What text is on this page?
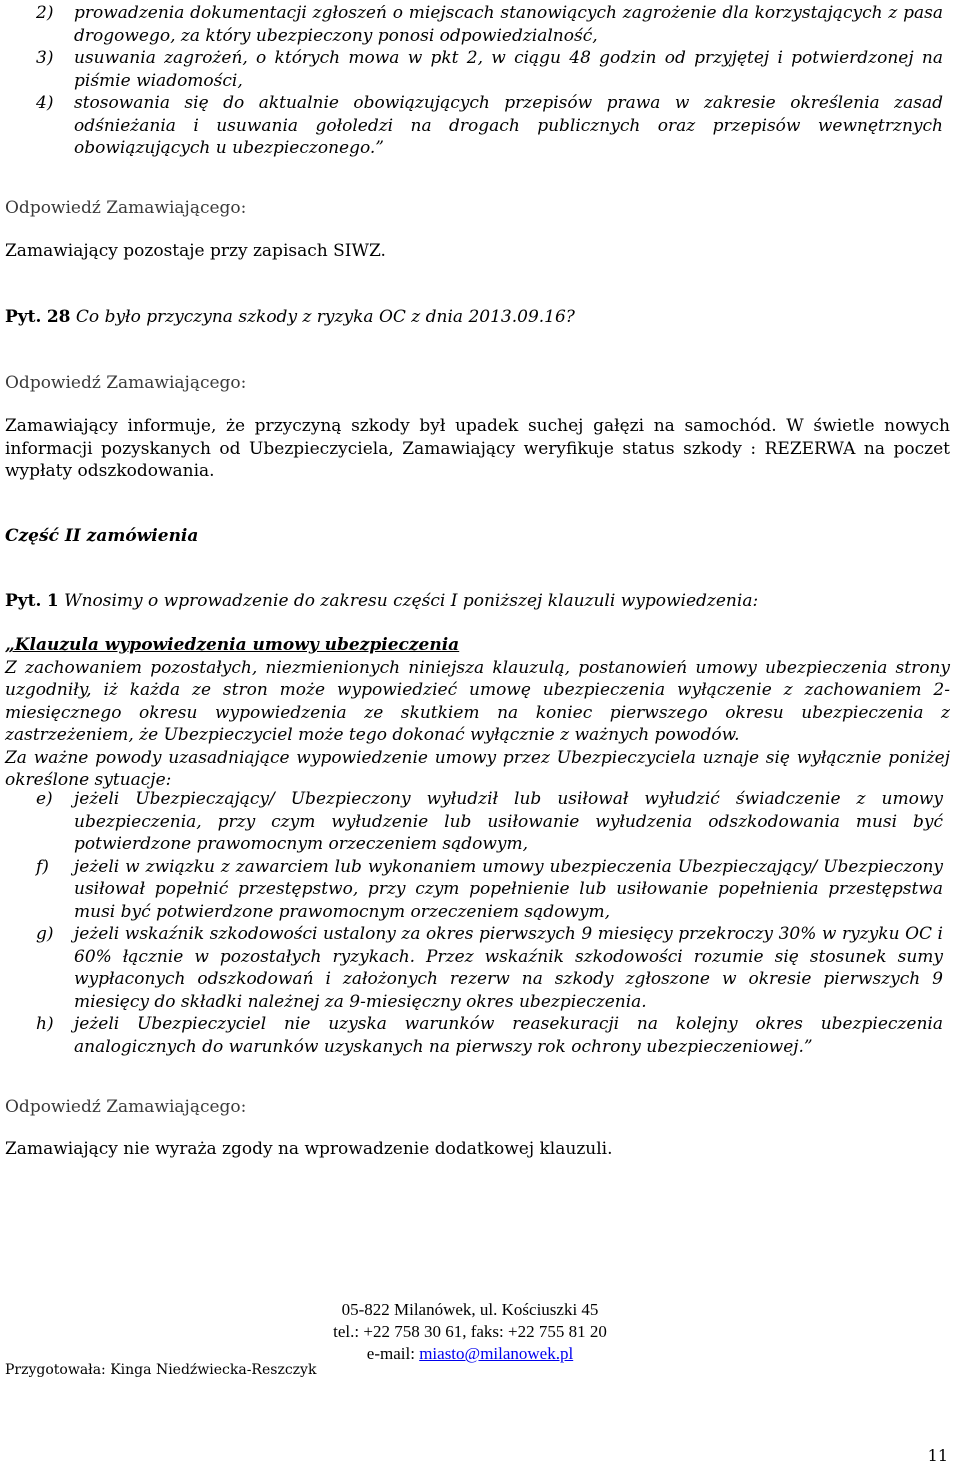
2) prowadzenia dokumentacji zgłoszeń o miejscach stanowiących zagrożenie dla korzystających z pasa drogowego, za który ubezpieczony ponosi odpowiedzialność,

3) usuwania zagrożeń, o których mowa w pkt 2, w ciągu 48 godzin od przyjętej i potwierdzonej na piśmie wiadomości,

4) stosowania się do aktualnie obowiązujących przepisów prawa w zakresie określenia zasad odśnieżania i usuwania gołoledzi na drogach publicznych oraz przepisów wewnętrznych obowiązujących u ubezpieczonego.”

Odpowiedź Zamawiającego:

Zamawiający pozostaje przy zapisach SIWZ.

Pyt. 28 Co było przyczyna szkody z ryzyka OC z dnia 2013.09.16?

Odpowiedź Zamawiającego:

Zamawiający informuje, że przyczyną szkody był upadek suchej gałęzi na samochód. W świetle nowych informacji pozyskanych od Ubezpieczyciela, Zamawiający weryfikuje status szkody : REZERWA na poczet wypłaty odszkodowania.

Część II zamówienia

Pyt. 1 Wnosimy o wprowadzenie do zakresu części I poniższej klauzuli wypowiedzenia:

„Klauzula wypowiedzenia umowy ubezpieczenia
Z zachowaniem pozostałych, niezmienionych niniejsza klauzulą, postanowień umowy ubezpieczenia strony uzgodniły, iż każda ze stron może wypowiedzieć umowę ubezpieczenia wyłączenie z zachowaniem 2-miesięcznego okresu wypowiedzenia ze skutkiem na koniec pierwszego okresu ubezpieczenia z zastrzeżeniem, że Ubezpieczyciel może tego dokonać wyłącznie z ważnych powodów.
Za ważne powody uzasadniające wypowiedzenie umowy przez Ubezpieczyciela uznaje się wyłącznie poniżej określone sytuacje:

e) jeżeli Ubezpieczający/ Ubezpieczony wyłudził lub usiłował wyłudzić świadczenie z umowy ubezpieczenia, przy czym wyłudzenie lub usiłowanie wyłudzenia odszkodowania musi być potwierdzone prawomocnym orzeczeniem sądowym,

f) jeżeli w związku z zawarciem lub wykonaniem umowy ubezpieczenia Ubezpieczający/ Ubezpieczony usiłował popełnić przestępstwo, przy czym popełnienie lub usiłowanie popełnienia przestępstwa musi być potwierdzone prawomocnym orzeczeniem sądowym,

g) jeżeli wskaźnik szkodowości ustalony za okres pierwszych 9 miesięcy przekroczy 30% w ryzyku OC i 60% łącznie w pozostałych ryzykach. Przez wskaźnik szkodowości rozumie się stosunek sumy wypłaconych odszkodowań i założonych rezerw na szkody zgłoszone w okresie pierwszych 9 miesięcy do składki należnej za 9-miesięczny okres ubezpieczenia.

h) jeżeli Ubezpieczyciel nie uzyska warunków reasekuracji na kolejny okres ubezpieczenia analogicznych do warunków uzyskanych na pierwszy rok ochrony ubezpieczeniowej.”

Odpowiedź Zamawiającego:

Zamawiający nie wyraża zgody na wprowadzenie dodatkowej klauzuli.

05-822 Milanówek, ul. Kościuszki 45
tel.: +22 758 30 61, faks: +22 755 81 20
e-mail: miasto@milanowek.pl
Przygotowała: Kinga Niedźwiecka-Reszczyk
11
